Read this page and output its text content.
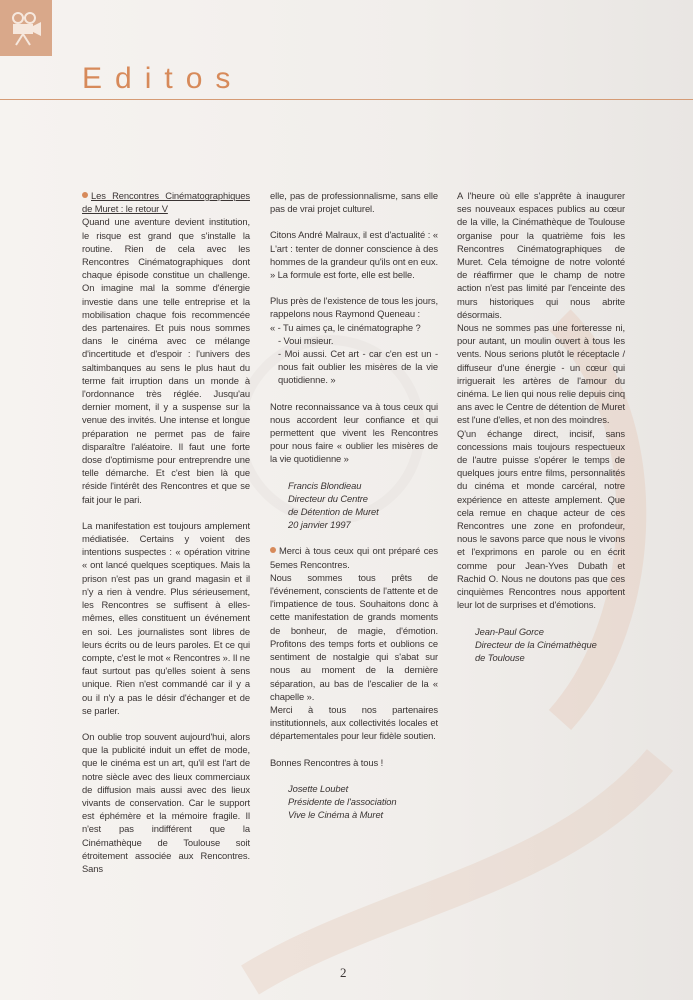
Editos

Les Rencontres Cinématographiques de Muret : le retour V

Quand une aventure devient institution, le risque est grand que s'installe la routine. Rien de cela avec les Rencontres Cinématographiques dont chaque épisode constitue un challenge. On imagine mal la somme d'énergie investie dans une telle entreprise et la mobilisation chaque fois recommencée des partenaires. Et puis nous sommes dans le cinéma avec ce mélange d'incertitude et d'espoir : l'univers des saltimbanques au sens le plus haut du terme fait irruption dans un monde à l'ordonnance très réglée. Jusqu'au dernier moment, il y a suspense sur la venue des invités. Une intense et longue préparation ne permet pas de faire disparaître l'aléatoire. Il faut une forte dose d'optimisme pour entreprendre une telle démarche. Et c'est bien là que réside l'intérêt des Rencontres et que se fait jour le pari.

La manifestation est toujours amplement médiatisée. Certains y voient des intentions suspectes : « opération vitrine « ont lancé quelques sceptiques. Mais la prison n'est pas un grand magasin et il n'y a rien à vendre. Plus sérieusement, les Rencontres se suffisent à elles-mêmes, elles constituent un événement en soi. Les journalistes sont libres de leurs écrits ou de leurs paroles. Et ce qui compte, c'est le mot « Rencontres ». Il ne faut surtout pas qu'elles soient à sens unique. Rien n'est commandé car il y a ou il n'y a pas le désir d'échanger et de se parler.

On oublie trop souvent aujourd'hui, alors que la publicité induit un effet de mode, que le cinéma est un art, qu'il est l'art de notre siècle avec des lieux commerciaux de diffusion mais aussi avec des lieux vivants de conservation. Car le support est éphémère et la mémoire fragile. Il n'est pas indifférent que la Cinémathèque de Toulouse soit étroitement associée aux Rencontres. Sans

elle, pas de professionnalisme, sans elle pas de vrai projet culturel.

Citons André Malraux, il est d'actualité : « L'art : tenter de donner conscience à des hommes de la grandeur qu'ils ont en eux. » La formule est forte, elle est belle.

Plus près de l'existence de tous les jours, rappelons nous Raymond Queneau :

« - Tu aimes ça, le cinématographe ?

- Voui msieur.

- Moi aussi. Cet art - car c'en est un - nous fait oublier les misères de la vie quotidienne. »

Notre reconnaissance va à tous ceux qui nous accordent leur confiance et qui permettent que vivent les Rencontres pour nous faire « oublier les misères de la vie quotidienne »

Francis Blondieau
Directeur du Centre
de Détention de Muret
20 janvier 1997

Merci à tous ceux qui ont préparé ces 5emes Rencontres.

Nous sommes tous prêts de l'événement, conscients de l'attente et de l'impatience de tous. Souhaitons donc à cette manifestation de grands moments de bonheur, de magie, d'émotion. Profitons des temps forts et oublions ce sentiment de nostalgie qui s'abat sur nous au moment de la dernière séparation, au bas de l'escalier de la « chapelle ».

Merci à tous nos partenaires institutionnels, aux collectivités locales et départementales pour leur fidèle soutien.

Bonnes Rencontres à tous !

Josette Loubet
Présidente de l'association
Vive le Cinéma à Muret

A l'heure où elle s'apprête à inaugurer ses nouveaux espaces publics au cœur de la ville, la Cinémathèque de Toulouse organise pour la quatrième fois les Rencontres Cinématographiques de Muret. Cela témoigne de notre volonté de réaffirmer que le champ de notre action n'est pas limité par l'enceinte des murs historiques qui nous abrite désormais.

Nous ne sommes pas une forteresse ni, pour autant, un moulin ouvert à tous les vents. Nous serions plutôt le réceptacle / diffuseur d'une énergie - un cœur qui irriguerait les artères de l'amour du cinéma. Le lien qui nous relie depuis cinq ans avec le Centre de détention de Muret est l'une d'elles, et non des moindres.

Q'un échange direct, incisif, sans concessions mais toujours respectueux de l'autre puisse s'opérer le temps de quelques jours entre films, personnalités du cinéma et monde carcéral, notre expérience en atteste amplement. Que cela remue en chaque acteur de ces Rencontres une zone en profondeur, nous le savons parce que nous le vivons et l'exprimons en parole ou en écrit comme pour Jean-Yves Dubath et Rachid O. Nous ne doutons pas que ces cinquièmes Rencontres nous apportent leur lot de surprises et d'émotions.

Jean-Paul Gorce
Directeur de la Cinémathèque
de Toulouse
2
